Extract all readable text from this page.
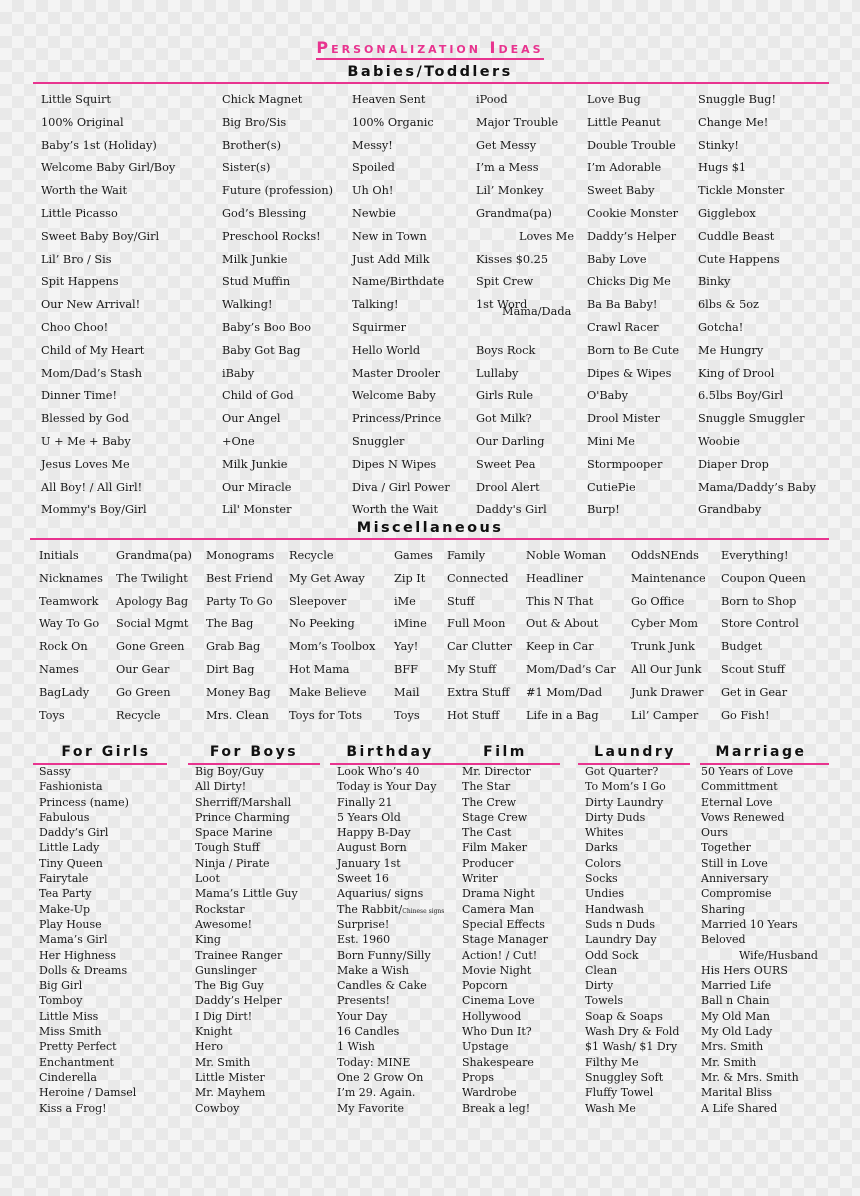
Personalization Ideas
Babies/Toddlers
Little Squirt
100% Original
Baby’s 1st (Holiday)
Welcome Baby Girl/Boy
Worth the Wait
Little Picasso
Sweet Baby Boy/Girl
Lil’ Bro / Sis
Spit Happens
Our New Arrival!
Choo Choo!
Child of My Heart
Mom/Dad’s Stash
Dinner Time!
Blessed by God
U + Me + Baby
Jesus Loves Me
All Boy! / All Girl!
Mommy's Boy/Girl
Chick Magnet
Big Bro/Sis
Brother(s)
Sister(s)
Future (profession)
God’s Blessing
Preschool Rocks!
Milk Junkie
Stud Muffin
Walking!
Baby’s Boo Boo
Baby Got Bag
iBaby
Child of God
Our Angel
+One
Milk Junkie
Our Miracle
Lil' Monster
Heaven Sent
100% Organic
Messy!
Spoiled
Uh Oh!
Newbie
New in Town
Just Add Milk
Name/Birthdate
Talking!
Squirmer
Hello World
Master Drooler
Welcome Baby
Princess/Prince
Snuggler
Dipes N Wipes
Diva / Girl Power
Worth the Wait
iPood
Major Trouble
Get Messy
I’m a Mess
Lil’ Monkey
Grandma(pa)
Loves Me
Kisses $0.25
Spit Crew
1st Word
Mama/Dada
Boys Rock
Lullaby
Girls Rule
Got Milk?
Our Darling
Sweet Pea
Drool Alert
Daddy's Girl
Love Bug
Little Peanut
Double Trouble
I’m Adorable
Sweet Baby
Cookie Monster
Daddy’s Helper
Baby Love
Chicks Dig Me
Ba Ba Baby!
Crawl Racer
Born to Be Cute
Dipes & Wipes
O'Baby
Drool Mister
Mini Me
Stormpooper
CutiePie
Burp!
Snuggle Bug!
Change Me!
Stinky!
Hugs $1
Tickle Monster
Gigglebox
Cuddle Beast
Cute Happens
Binky
6lbs & 5oz
Gotcha!
Me Hungry
King of Drool
6.5lbs Boy/Girl
Snuggle Smuggler
Woobie
Diaper Drop
Mama/Daddy’s Baby
Grandbaby
Miscellaneous
Initials
Nicknames
Teamwork
Way To Go
Rock On
Names
BagLady
Toys
Grandma(pa)
The Twilight
Apology Bag
Social Mgmt
Gone Green
Our Gear
Go Green
Recycle
Monograms
Best Friend
Party To Go
The Bag
Grab Bag
Dirt Bag
Money Bag
Mrs. Clean
Recycle
My Get Away
Sleepover
No Peeking
Mom’s Toolbox
Hot Mama
Make Believe
Toys for Tots
Games
Zip It
iMe
iMine
Yay!
BFF
Mail
Toys
Family
Connected
Stuff
Full Moon
Car Clutter
My Stuff
Extra Stuff
Hot Stuff
Noble Woman
Headliner
This N That
Out & About
Keep in Car
Mom/Dad’s Car
#1 Mom/Dad
Life in a Bag
OddsNEnds
Maintenance
Go Office
Cyber Mom
Trunk Junk
All Our Junk
Junk Drawer
Lil’ Camper
Everything!
Coupon Queen
Born to Shop
Store Control
Budget
Scout Stuff
Get in Gear
Go Fish!
For Girls
Sassy
Fashionista
Princess (name)
Fabulous
Daddy’s Girl
Little Lady
Tiny Queen
Fairytale
Tea Party
Make-Up
Play House
Mama’s Girl
Her Highness
Dolls & Dreams
Big Girl
Tomboy
Little Miss
Miss Smith
Pretty Perfect
Enchantment
Cinderella
Heroine / Damsel
Kiss a Frog!
For Boys
Big Boy/Guy
All Dirty!
Sherriff/Marshall
Prince Charming
Space Marine
Tough Stuff
Ninja / Pirate
Loot
Mama’s Little Guy
Rockstar
Awesome!
King
Trainee Ranger
Gunslinger
The Big Guy
Daddy’s Helper
I Dig Dirt!
Knight
Hero
Mr. Smith
Little Mister
Mr. Mayhem
Cowboy
Birthday
Look Who’s 40
Today is Your Day
Finally 21
5 Years Old
Happy B-Day
August Born
January 1st
Sweet 16
Aquarius/ signs
The Rabbit/Chinese signs
Surprise!
Est. 1960
Born Funny/Silly
Make a Wish
Candles & Cake
Presents!
Your Day
16 Candles
1 Wish
Today: MINE
One 2 Grow On
I’m 29. Again.
My Favorite
Film
Mr. Director
The Star
The Crew
Stage Crew
The Cast
Film Maker
Producer
Writer
Drama Night
Camera Man
Special Effects
Stage Manager
Action! / Cut!
Movie Night
Popcorn
Cinema Love
Hollywood
Who Dun It?
Upstage
Shakespeare
Props
Wardrobe
Break a leg!
Laundry
Got Quarter?
To Mom’s I Go
Dirty Laundry
Dirty Duds
Whites
Darks
Colors
Socks
Undies
Handwash
Suds n Duds
Laundry Day
Odd Sock
Clean
Dirty
Towels
Soap & Soaps
Wash Dry & Fold
$1 Wash/ $1 Dry
Filthy Me
Snuggley Soft
Fluffy Towel
Wash Me
Marriage
50 Years of Love
Committment
Eternal Love
Vows Renewed
Ours
Together
Still in Love
Anniversary
Compromise
Sharing
Married 10 Years
Beloved
Wife/Husband
His Hers OURS
Married Life
Ball n Chain
My Old Man
My Old Lady
Mrs. Smith
Mr. Smith
Mr. & Mrs. Smith
Marital Bliss
A Life Shared
